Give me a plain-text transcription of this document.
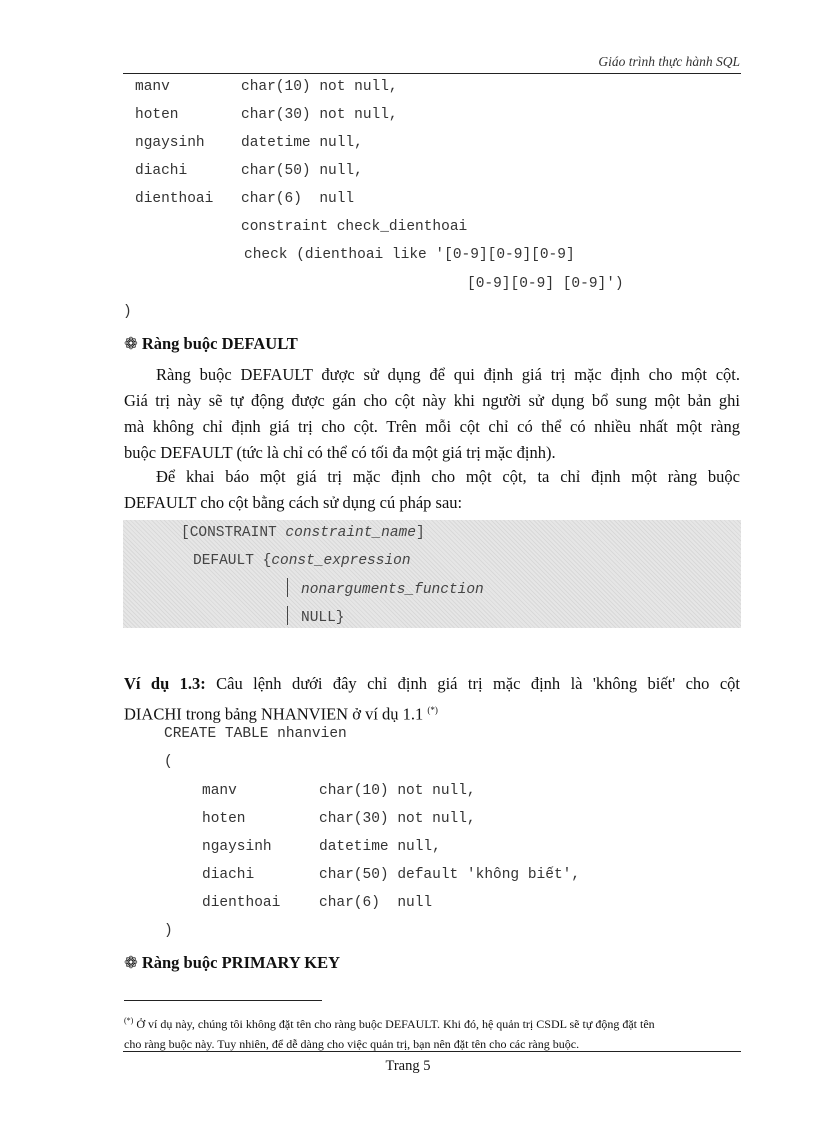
Giáo trình thực hành SQL
manv	char(10) not null,
hoten	char(30) not null,
ngaysinh	datetime null,
diachi	char(50) null,
dienthoai char(6)  null
constraint check_dienthoai
check (dienthoai like '[0-9][0-9][0-9]
[0-9][0-9] [0-9]')
)
❁ Ràng buộc DEFAULT
Ràng buộc DEFAULT được sử dụng để qui định giá trị mặc định cho một cột.
Giá trị này sẽ tự động được gán cho cột này khi người sử dụng bổ sung một bản ghi
mà không chỉ định giá trị cho cột. Trên mỗi cột chỉ có thể có nhiều nhất một ràng
buộc DEFAULT (tức là chỉ có thể có tối đa một giá trị mặc định).
Để khai báo một giá trị mặc định cho một cột, ta chỉ định một ràng buộc
DEFAULT cho cột bằng cách sử dụng cú pháp sau:
[CONSTRAINT constraint_name]
DEFAULT {const_expression
nonarguments_function
NULL}
Ví dụ 1.3: Câu lệnh dưới đây chỉ định giá trị mặc định là 'không biết' cho cột
DIACHI trong bảng NHANVIEN ở ví dụ 1.1 (*)
CREATE TABLE nhanvien
(
manv	char(10) not null,
hoten	char(30) not null,
ngaysinh	datetime null,
diachi	char(50) default 'không biết',
dienthoai	char(6)  null
)
❁ Ràng buộc PRIMARY KEY
(*) Ở ví dụ này, chúng tôi không đặt tên cho ràng buộc DEFAULT. Khi đó, hệ quản trị CSDL sẽ tự động đặt tên
cho ràng buộc này. Tuy nhiên, để dễ dàng cho việc quản trị, bạn nên đặt tên cho các ràng buộc.
Trang 5
